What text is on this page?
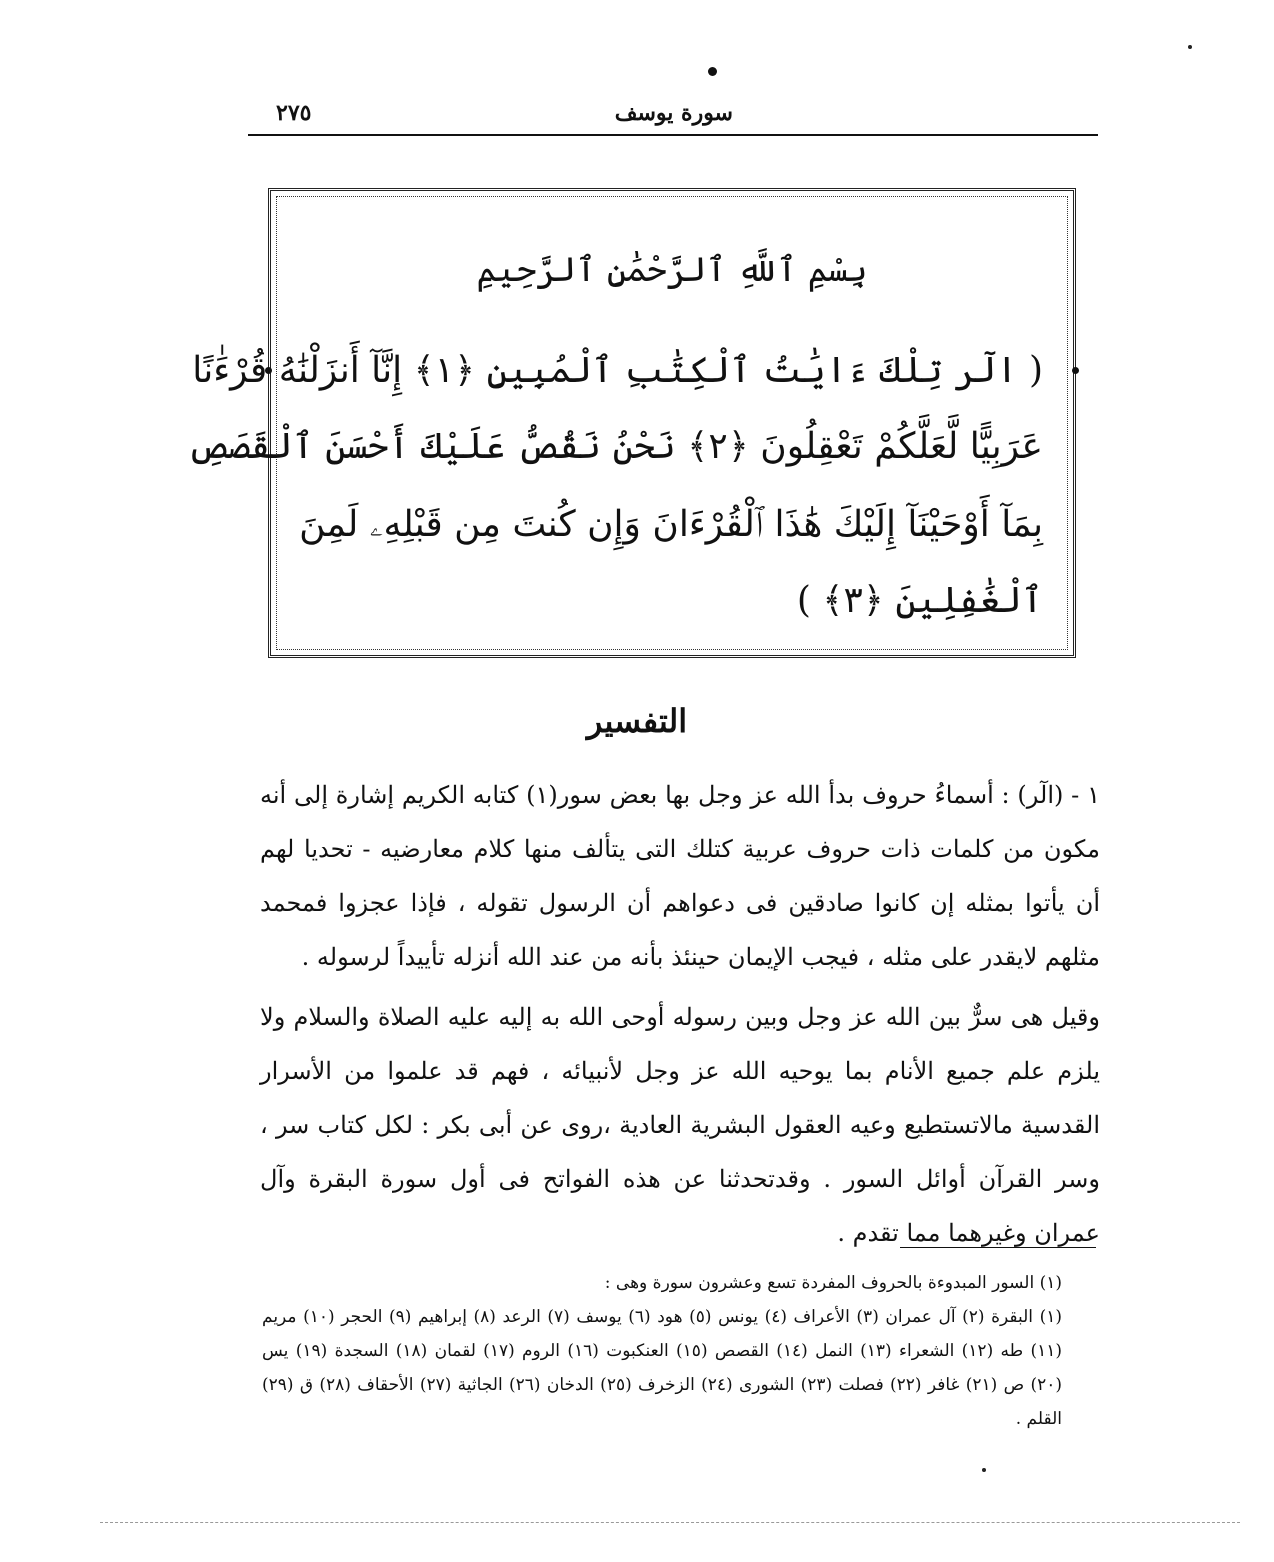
سورة يوسف
٢٧٥
بِسْمِ ٱللَّهِ ٱلرَّحْمَٰنِ ٱلرَّحِيمِ
( الٓر تِلْكَ ءَايَٰتُ ٱلْكِتَٰبِ ٱلْمُبِينِ ﴿١﴾ إِنَّآ أَنزَلْنَٰهُ قُرْءَٰنًا
عَرَبِيًّا لَّعَلَّكُمْ تَعْقِلُونَ ﴿٢﴾ نَحْنُ نَقُصُّ عَلَيْكَ أَحْسَنَ ٱلْقَصَصِ
بِمَآ أَوْحَيْنَآ إِلَيْكَ هَٰذَا ٱلْقُرْءَانَ وَإِن كُنتَ مِن قَبْلِهِۦ لَمِنَ
ٱلْغَٰفِلِينَ ﴿٣﴾ )
التفسير

١ - (الٓر) : أسماءُ حروف بدأ الله عز وجل بها بعض سور(١) كتابه الكريم إشارة إلى أنه مكون من كلمات ذات حروف عربية كتلك التى يتألف منها كلام معارضيه - تحديا لهم أن يأتوا بمثله إن كانوا صادقين فى دعواهم أن الرسول تقوله ، فإذا عجزوا فمحمد مثلهم لايقدر على مثله ، فيجب الإيمان حينئذ بأنه من عند الله أنزله تأييداً لرسوله .

وقيل هى سرٌّ بين الله عز وجل وبين رسوله أوحى الله به إليه عليه الصلاة والسلام ولا يلزم علم جميع الأنام بما يوحيه الله عز وجل لأنبيائه ، فهم قد علموا من الأسرار القدسية مالاتستطيع وعيه العقول البشرية العادية ،روى عن أبى بكر : لكل كتاب سر ، وسر القرآن أوائل السور . وقدتحدثنا عن هذه الفواتح فى أول سورة البقرة وآل عمران وغيرهما مما تقدم .

(١) السور المبدوءة بالحروف المفردة تسع وعشرون سورة وهى :

(١) البقرة (٢) آل عمران (٣) الأعراف (٤) يونس (٥) هود (٦) يوسف (٧) الرعد (٨) إبراهيم (٩) الحجر (١٠) مريم (١١) طه (١٢) الشعراء (١٣) النمل (١٤) القصص (١٥) العنكبوت (١٦) الروم (١٧) لقمان (١٨) السجدة (١٩) يس (٢٠) ص (٢١) غافر (٢٢) فصلت (٢٣) الشورى (٢٤) الزخرف (٢٥) الدخان (٢٦) الجاثية (٢٧) الأحقاف (٢٨) ق (٢٩) القلم .
